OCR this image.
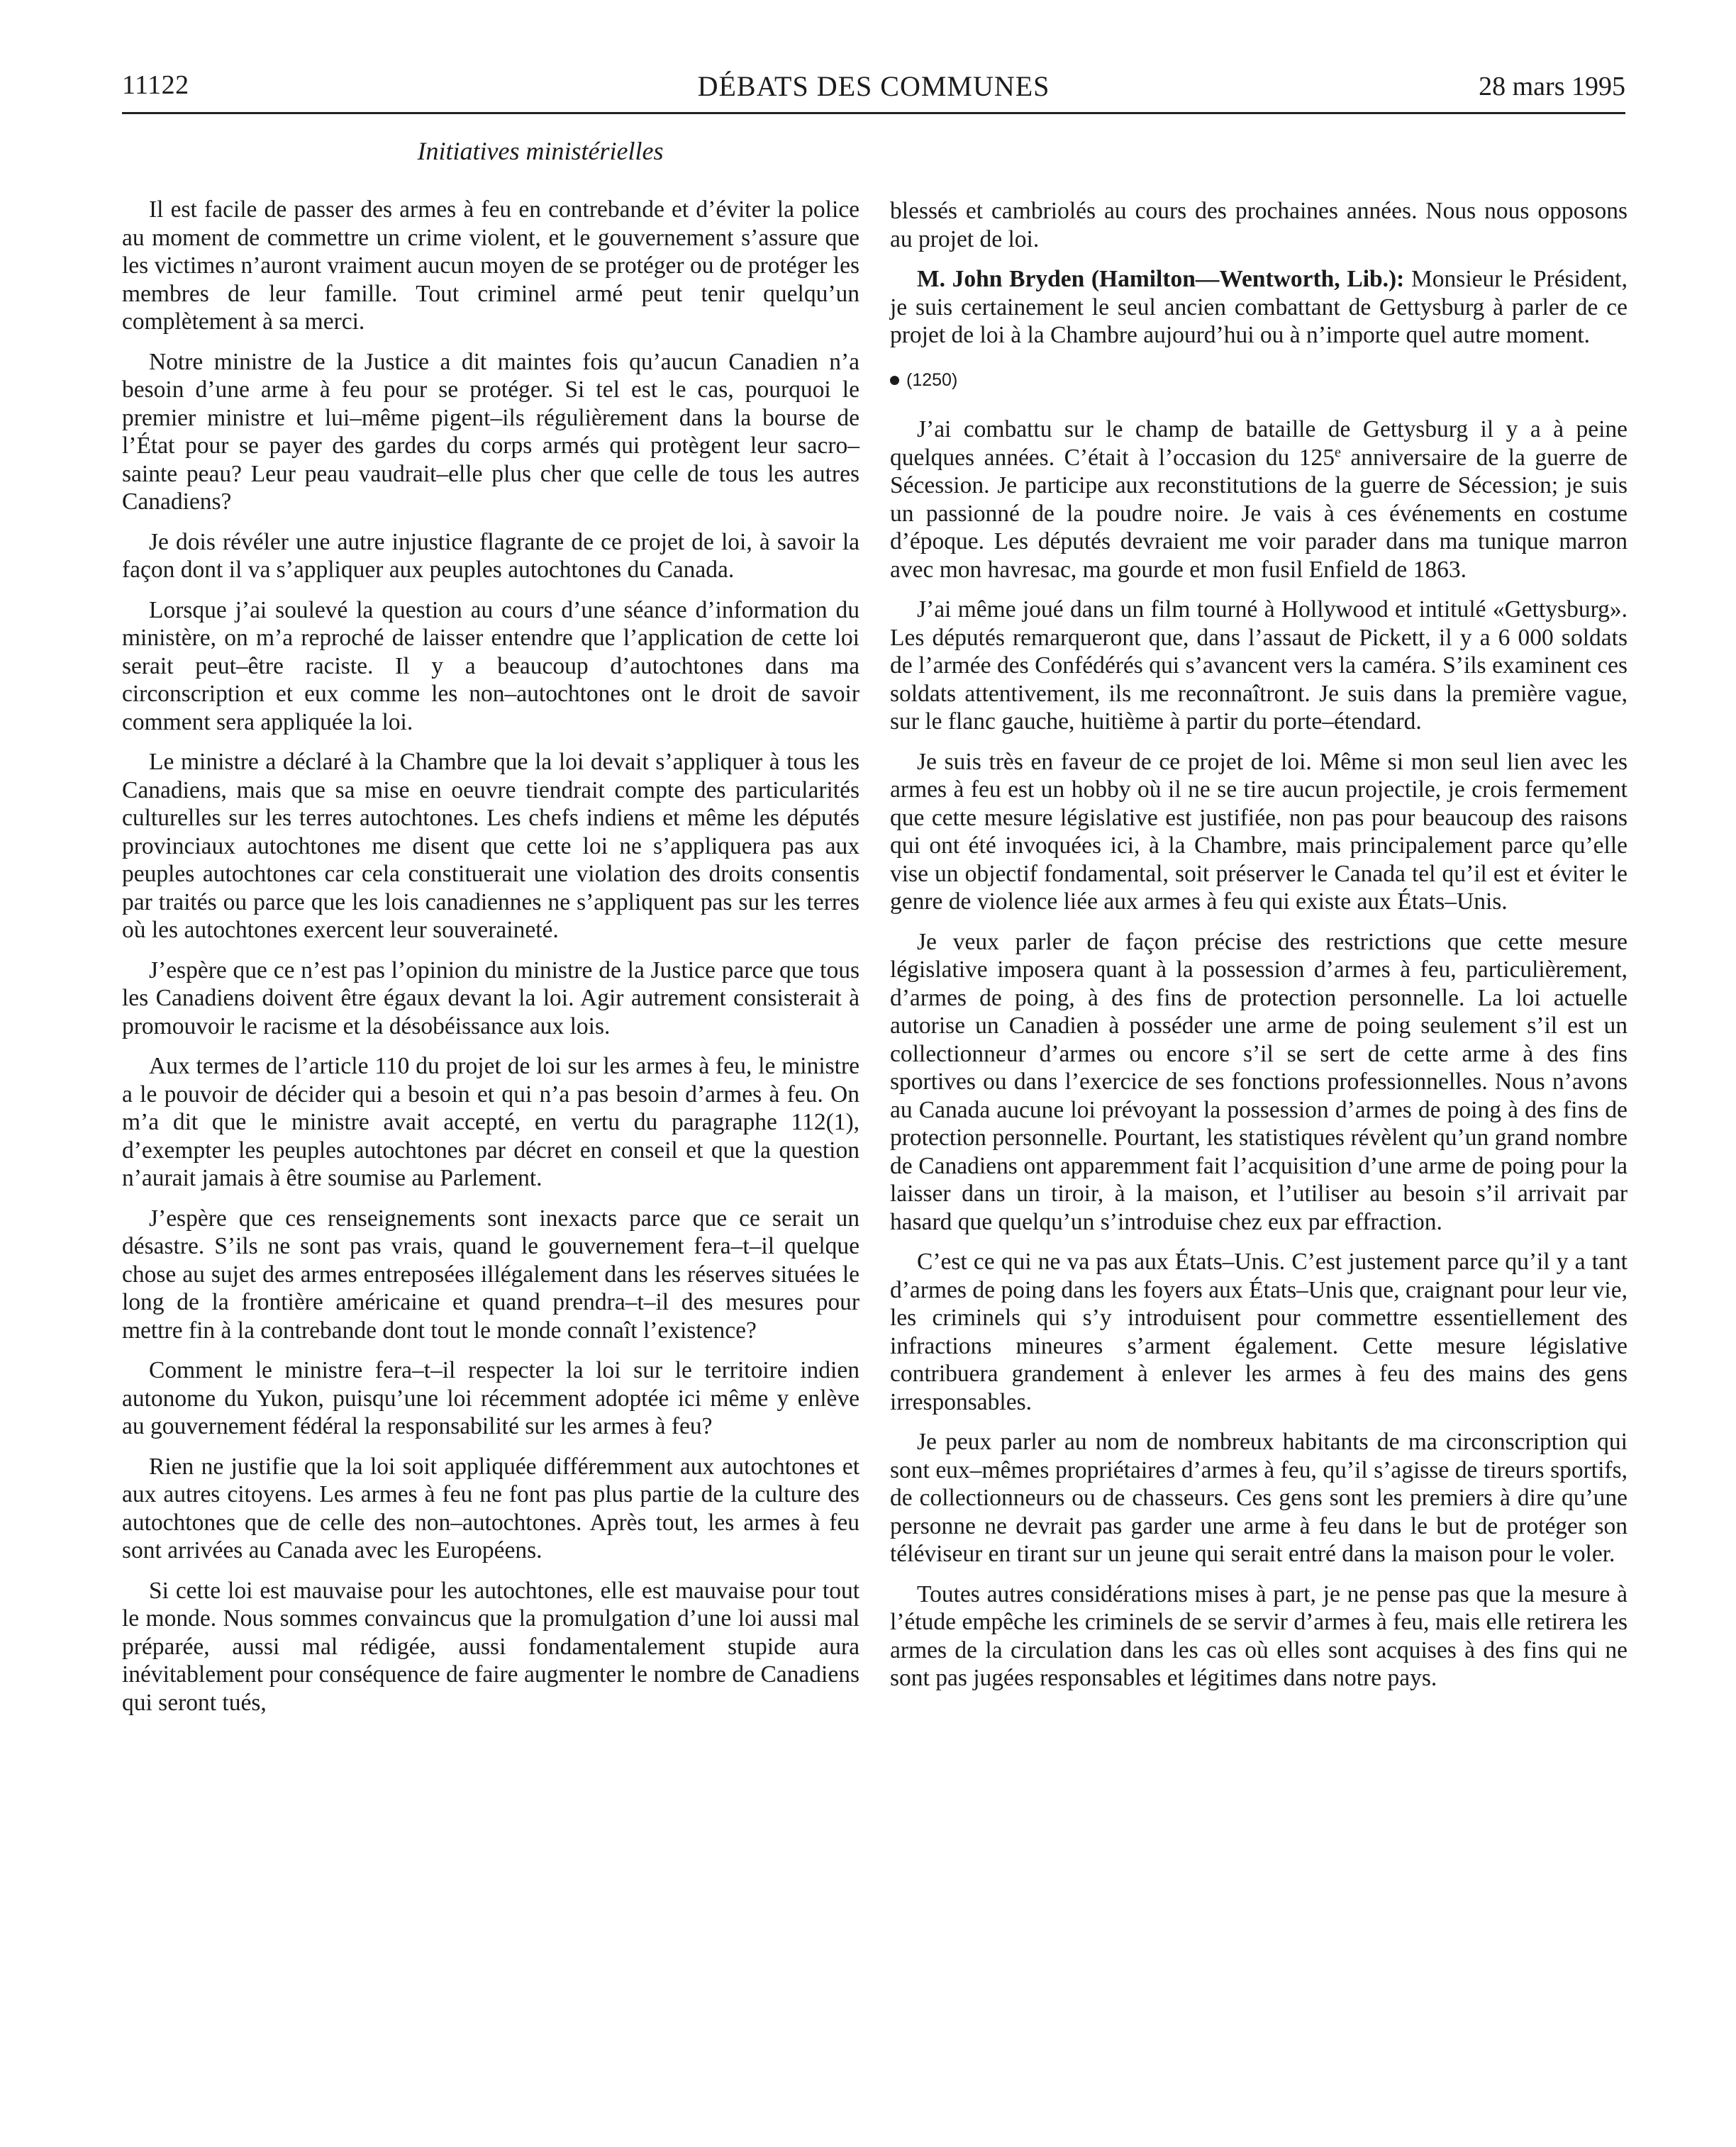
11122	DÉBATS DES COMMUNES	28 mars 1995
Initiatives ministérielles

Il est facile de passer des armes à feu en contrebande et d’éviter la police au moment de commettre un crime violent, et le gouvernement s’assure que les victimes n’auront vraiment aucun moyen de se protéger ou de protéger les membres de leur famille. Tout criminel armé peut tenir quelqu’un complètement à sa merci.

Notre ministre de la Justice a dit maintes fois qu’aucun Canadien n’a besoin d’une arme à feu pour se protéger. Si tel est le cas, pourquoi le premier ministre et lui–même pigent–ils régulièrement dans la bourse de l’État pour se payer des gardes du corps armés qui protègent leur sacro–sainte peau? Leur peau vaudrait–elle plus cher que celle de tous les autres Canadiens?

Je dois révéler une autre injustice flagrante de ce projet de loi, à savoir la façon dont il va s’appliquer aux peuples autochtones du Canada.

Lorsque j’ai soulevé la question au cours d’une séance d’information du ministère, on m’a reproché de laisser entendre que l’application de cette loi serait peut–être raciste. Il y a beaucoup d’autochtones dans ma circonscription et eux comme les non–autochtones ont le droit de savoir comment sera appliquée la loi.

Le ministre a déclaré à la Chambre que la loi devait s’appliquer à tous les Canadiens, mais que sa mise en oeuvre tiendrait compte des particularités culturelles sur les terres autochtones. Les chefs indiens et même les députés provinciaux autochtones me disent que cette loi ne s’appliquera pas aux peuples autochtones car cela constituerait une violation des droits consentis par traités ou parce que les lois canadiennes ne s’appliquent pas sur les terres où les autochtones exercent leur souveraineté.

J’espère que ce n’est pas l’opinion du ministre de la Justice parce que tous les Canadiens doivent être égaux devant la loi. Agir autrement consisterait à promouvoir le racisme et la désobéissance aux lois.

Aux termes de l’article 110 du projet de loi sur les armes à feu, le ministre a le pouvoir de décider qui a besoin et qui n’a pas besoin d’armes à feu. On m’a dit que le ministre avait accepté, en vertu du paragraphe 112(1), d’exempter les peuples autochtones par décret en conseil et que la question n’aurait jamais à être soumise au Parlement.

J’espère que ces renseignements sont inexacts parce que ce serait un désastre. S’ils ne sont pas vrais, quand le gouvernement fera–t–il quelque chose au sujet des armes entreposées illégalement dans les réserves situées le long de la frontière américaine et quand prendra–t–il des mesures pour mettre fin à la contrebande dont tout le monde connaît l’existence?

Comment le ministre fera–t–il respecter la loi sur le territoire indien autonome du Yukon, puisqu’une loi récemment adoptée ici même y enlève au gouvernement fédéral la responsabilité sur les armes à feu?

Rien ne justifie que la loi soit appliquée différemment aux autochtones et aux autres citoyens. Les armes à feu ne font pas plus partie de la culture des autochtones que de celle des non–autochtones. Après tout, les armes à feu sont arrivées au Canada avec les Européens.

Si cette loi est mauvaise pour les autochtones, elle est mauvaise pour tout le monde. Nous sommes convaincus que la promulgation d’une loi aussi mal préparée, aussi mal rédigée, aussi fondamentalement stupide aura inévitablement pour conséquence de faire augmenter le nombre de Canadiens qui seront tués,

blessés et cambriolés au cours des prochaines années. Nous nous opposons au projet de loi.

M. John Bryden (Hamilton—Wentworth, Lib.): Monsieur le Président, je suis certainement le seul ancien combattant de Gettysburg à parler de ce projet de loi à la Chambre aujourd’hui ou à n’importe quel autre moment.

(1250)

J’ai combattu sur le champ de bataille de Gettysburg il y a à peine quelques années. C’était à l’occasion du 125e anniversaire de la guerre de Sécession. Je participe aux reconstitutions de la guerre de Sécession; je suis un passionné de la poudre noire. Je vais à ces événements en costume d’époque. Les députés devraient me voir parader dans ma tunique marron avec mon havresac, ma gourde et mon fusil Enfield de 1863.

J’ai même joué dans un film tourné à Hollywood et intitulé «Gettysburg». Les députés remarqueront que, dans l’assaut de Pickett, il y a 6 000 soldats de l’armée des Confédérés qui s’avancent vers la caméra. S’ils examinent ces soldats attentivement, ils me reconnaîtront. Je suis dans la première vague, sur le flanc gauche, huitième à partir du porte–étendard.

Je suis très en faveur de ce projet de loi. Même si mon seul lien avec les armes à feu est un hobby où il ne se tire aucun projectile, je crois fermement que cette mesure législative est justifiée, non pas pour beaucoup des raisons qui ont été invoquées ici, à la Chambre, mais principalement parce qu’elle vise un objectif fondamental, soit préserver le Canada tel qu’il est et éviter le genre de violence liée aux armes à feu qui existe aux États–Unis.

Je veux parler de façon précise des restrictions que cette mesure législative imposera quant à la possession d’armes à feu, particulièrement, d’armes de poing, à des fins de protection personnelle. La loi actuelle autorise un Canadien à posséder une arme de poing seulement s’il est un collectionneur d’armes ou encore s’il se sert de cette arme à des fins sportives ou dans l’exercice de ses fonctions professionnelles. Nous n’avons au Canada aucune loi prévoyant la possession d’armes de poing à des fins de protection personnelle. Pourtant, les statistiques révèlent qu’un grand nombre de Canadiens ont apparemment fait l’acquisition d’une arme de poing pour la laisser dans un tiroir, à la maison, et l’utiliser au besoin s’il arrivait par hasard que quelqu’un s’introduise chez eux par effraction.

C’est ce qui ne va pas aux États–Unis. C’est justement parce qu’il y a tant d’armes de poing dans les foyers aux États–Unis que, craignant pour leur vie, les criminels qui s’y introduisent pour commettre essentiellement des infractions mineures s’arment également. Cette mesure législative contribuera grandement à enlever les armes à feu des mains des gens irresponsables.

Je peux parler au nom de nombreux habitants de ma circonscription qui sont eux–mêmes propriétaires d’armes à feu, qu’il s’agisse de tireurs sportifs, de collectionneurs ou de chasseurs. Ces gens sont les premiers à dire qu’une personne ne devrait pas garder une arme à feu dans le but de protéger son téléviseur en tirant sur un jeune qui serait entré dans la maison pour le voler.

Toutes autres considérations mises à part, je ne pense pas que la mesure à l’étude empêche les criminels de se servir d’armes à feu, mais elle retirera les armes de la circulation dans les cas où elles sont acquises à des fins qui ne sont pas jugées responsables et légitimes dans notre pays.
